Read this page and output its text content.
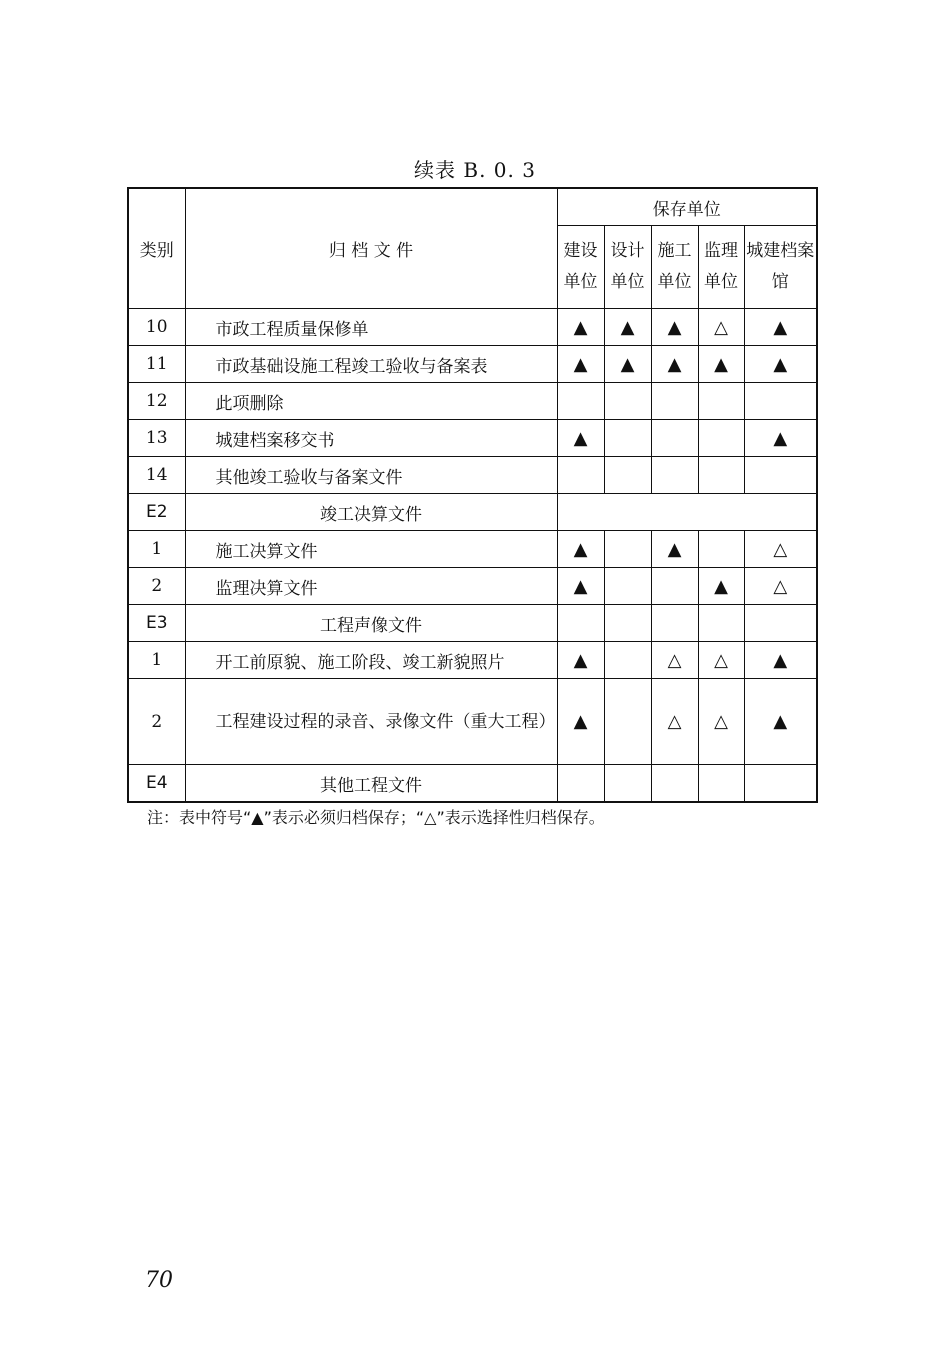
续表 B. 0. 3
类别	归 档 文 件	保存单位				
		建设单位	设计单位	施工单位	监理单位	城建档案馆
10	市政工程质量保修单	▲	▲	▲	△	▲
11	市政基础设施工程竣工验收与备案表	▲	▲	▲	▲	▲
12	此项删除					
13	城建档案移交书	▲				▲
14	其他竣工验收与备案文件					
E2	竣工决算文件					
1	施工决算文件	▲		▲		△
2	监理决算文件	▲			▲	△
E3	工程声像文件					
1	开工前原貌、施工阶段、竣工新貌照片	▲		△	△	▲
2	工程建设过程的录音、录像文件（重大工程）	▲		△	△	▲
E4	其他工程文件					
注：表中符号“▲”表示必须归档保存；“△”表示选择性归档保存。
70
